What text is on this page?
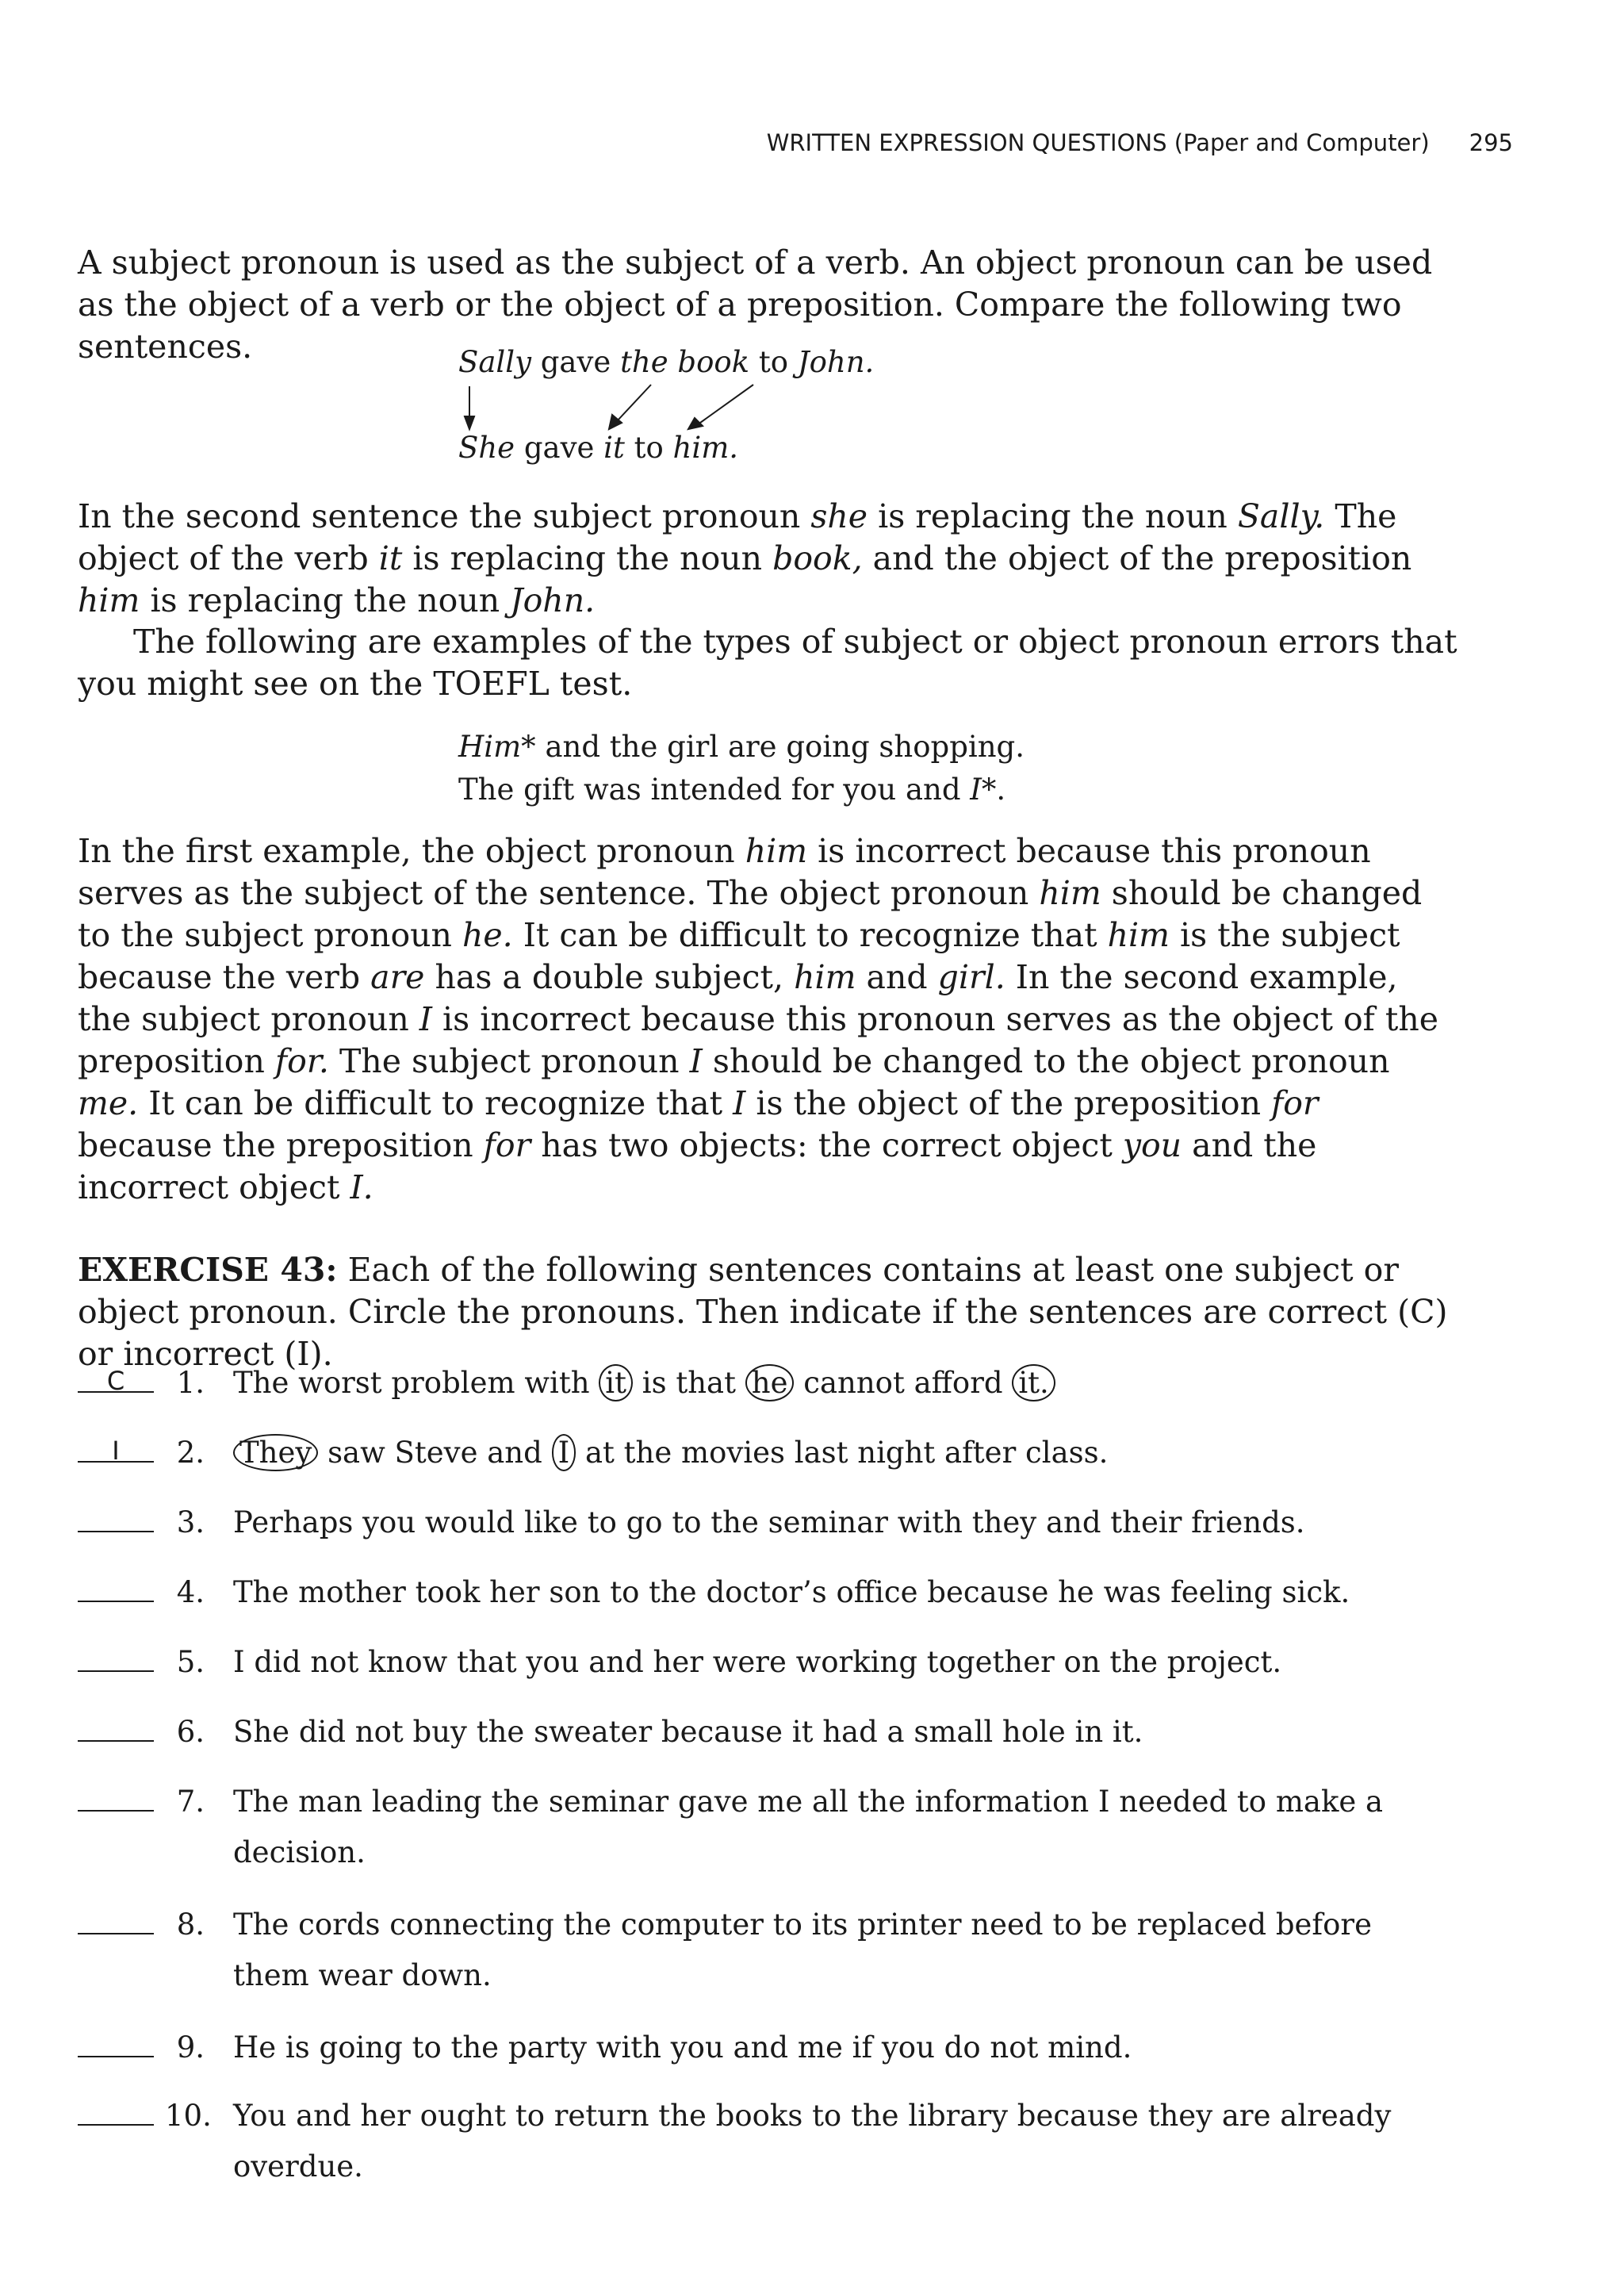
WRITTEN EXPRESSION QUESTIONS (Paper and Computer) 295

A subject pronoun is used as the subject of a verb. An object pronoun can be used as the object of a verb or the object of a preposition. Compare the following two sentences.	Sally gave the book to John.
She gave it to him.

In the second sentence the subject pronoun she is replacing the noun Sally. The object of the verb it is replacing the noun book, and the object of the preposition him is replacing the noun John.

The following are examples of the types of subject or object pronoun errors that you might see on the TOEFL test.

Him* and the girl are going shopping.
The gift was intended for you and I*.

In the first example, the object pronoun him is incorrect because this pronoun serves as the subject of the sentence. The object pronoun him should be changed to the subject pronoun he. It can be difficult to recognize that him is the subject because the verb are has a double subject, him and girl. In the second example, the subject pronoun I is incorrect because this pronoun serves as the object of the preposition for. The subject pronoun I should be changed to the object pronoun me. It can be difficult to recognize that I is the object of the preposition for because the preposition for has two objects: the correct object you and the incorrect object I.

EXERCISE 43: Each of the following sentences contains at least one subject or object pronoun. Circle the pronouns. Then indicate if the sentences are correct (C) or incorrect (I).

C	1. The worst problem with it is that he cannot afford it.
I	2. They saw Steve and I at the movies last night after class.
3. Perhaps you would like to go to the seminar with they and their friends.
4. The mother took her son to the doctor’s office because he was feeling sick.
5. I did not know that you and her were working together on the project.
6. She did not buy the sweater because it had a small hole in it.
7. The man leading the seminar gave me all the information I needed to make a decision.
8. The cords connecting the computer to its printer need to be replaced before them wear down.
9. He is going to the party with you and me if you do not mind.
10. You and her ought to return the books to the library because they are already overdue.
